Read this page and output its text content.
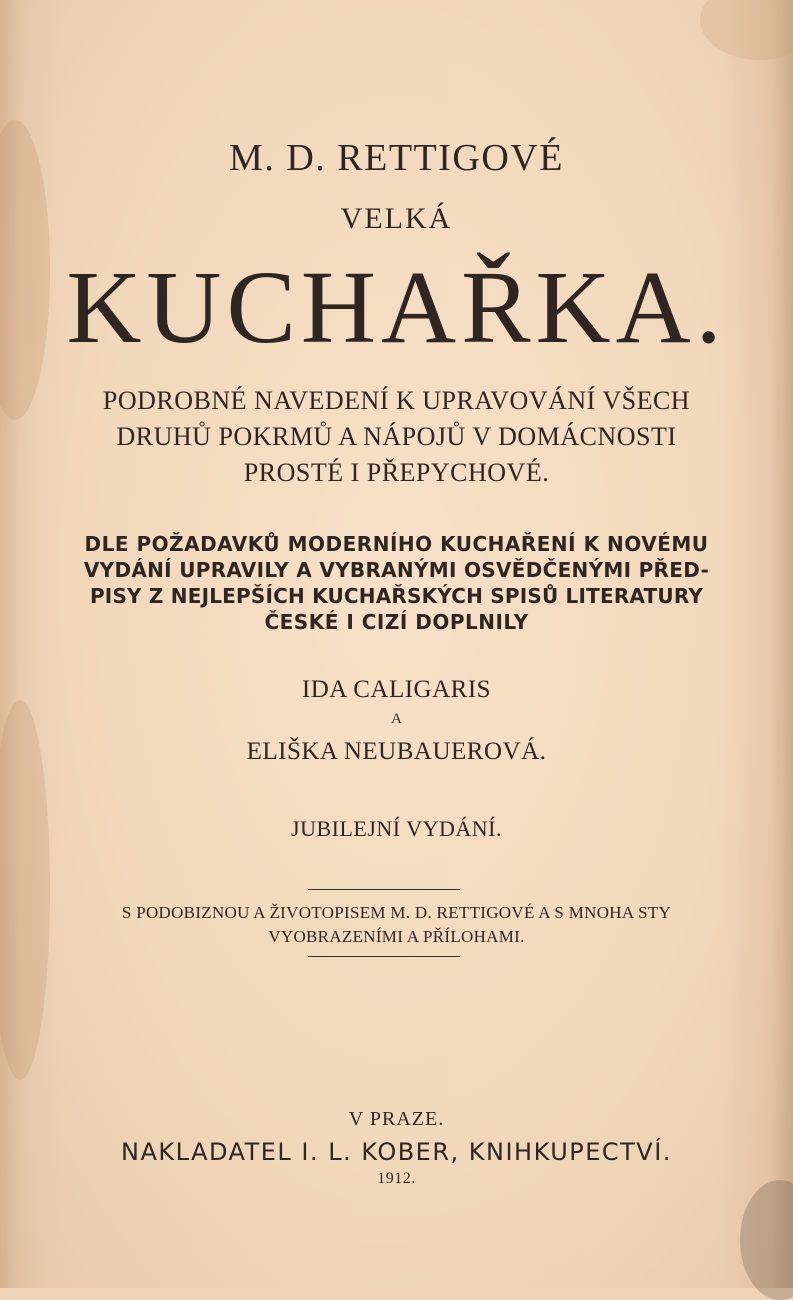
M. D. RETTIGOVÉ
VELKÁ
KUCHAŘKA.
PODROBNÉ NAVEDENÍ K UPRAVOVÁNÍ VŠECH
DRUHŮ POKRMŮ A NÁPOJŮ V DOMÁCNOSTI
PROSTÉ I PŘEPYCHOVÉ.
DLE POŽADAVKŮ MODERNÍHO KUCHAŘENÍ K NOVÉMU
VYDÁNÍ UPRAVILY A VYBRANÝMI OSVĚDČENÝMI PŘED-
PISY Z NEJLEPŠÍCH KUCHAŘSKÝCH SPISŮ LITERATURY
ČESKÉ I CIZÍ DOPLNILY
IDA CALIGARIS
A
ELIŠKA NEUBAUEROVÁ.
JUBILEJNÍ VYDÁNÍ.
S PODOBIZNOU A ŽIVOTOPISEM M. D. RETTIGOVÉ A S MNOHA STY
VYOBRAZENÍMI A PŘÍLOHAMI.
V PRAZE.
NAKLADATEL I. L. KOBER, KNIHKUPECTVÍ.
1912.
